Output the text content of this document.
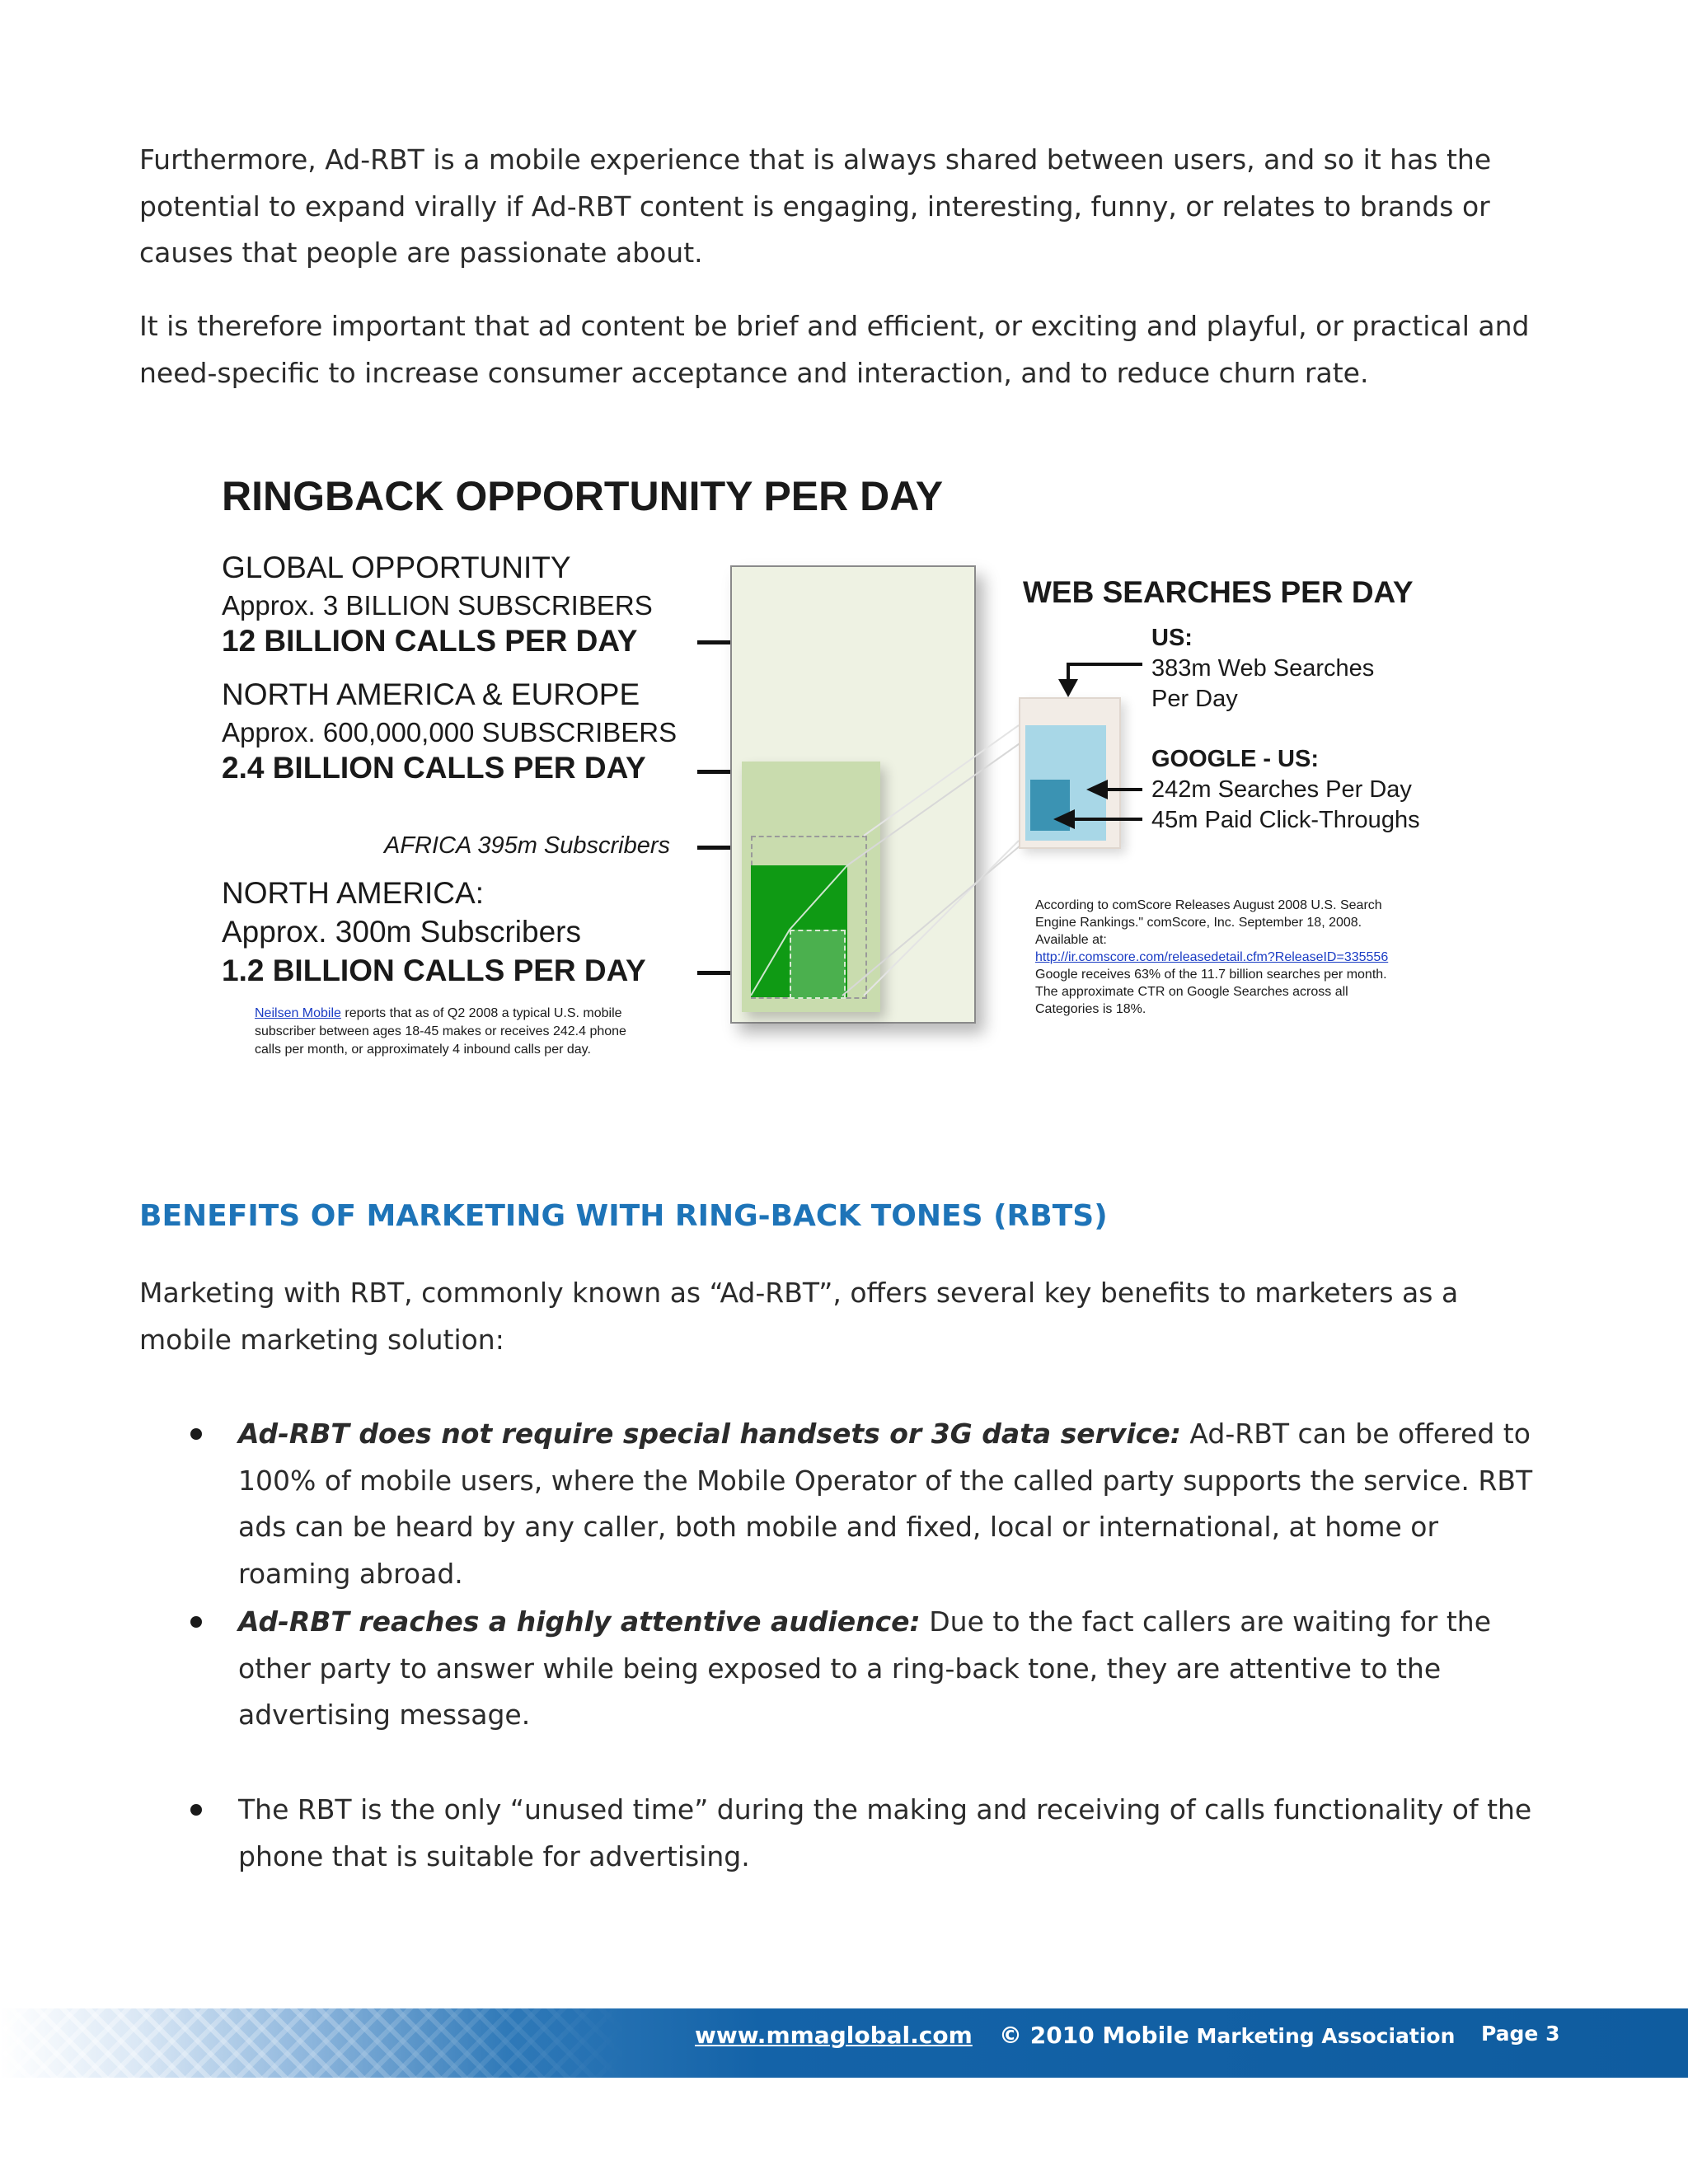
Furthermore, Ad-RBT is a mobile experience that is always shared between users, and so it has the potential to expand virally if Ad-RBT content is engaging, interesting, funny, or relates to brands or causes that people are passionate about.

It is therefore important that ad content be brief and efficient, or exciting and playful, or practical and need-specific to increase consumer acceptance and interaction, and to reduce churn rate.

RINGBACK OPPORTUNITY PER DAY
GLOBAL OPPORTUNITY
Approx. 3 BILLION SUBSCRIBERS
12 BILLION CALLS PER DAY
NORTH AMERICA & EUROPE
Approx. 600,000,000 SUBSCRIBERS
2.4 BILLION CALLS PER DAY
AFRICA 395m Subscribers
NORTH AMERICA:
Approx. 300m Subscribers
1.2 BILLION CALLS PER DAY
Neilsen Mobile reports that as of Q2 2008 a typical U.S. mobile subscriber between ages 18-45 makes or receives 242.4 phone calls per month, or approximately 4 inbound calls per day.
WEB SEARCHES PER DAY
US:
383m Web Searches
Per Day
GOOGLE - US:
242m Searches Per Day
45m Paid Click-Throughs
According to comScore Releases August 2008 U.S. Search
Engine Rankings." comScore, Inc. September 18, 2008.
Available at:
http://ir.comscore.com/releasedetail.cfm?ReleaseID=335556
Google receives 63% of the 11.7 billion searches per month.
The approximate CTR on Google Searches across all
Categories is 18%.
BENEFITS OF MARKETING WITH RING-BACK TONES (RBTS)

Marketing with RBT, commonly known as “Ad-RBT”, offers several key benefits to marketers as a mobile marketing solution:

Ad-RBT does not require special handsets or 3G data service: Ad-RBT can be offered to 100% of mobile users, where the Mobile Operator of the called party supports the service. RBT ads can be heard by any caller, both mobile and fixed, local or international, at home or roaming abroad.

Ad-RBT reaches a highly attentive audience: Due to the fact callers are waiting for the other party to answer while being exposed to a ring-back tone, they are attentive to the advertising message.

The RBT is the only “unused time” during the making and receiving of calls functionality of the phone that is suitable for advertising.

www.mmaglobal.com © 2010 Mobile Marketing Association Page 3
